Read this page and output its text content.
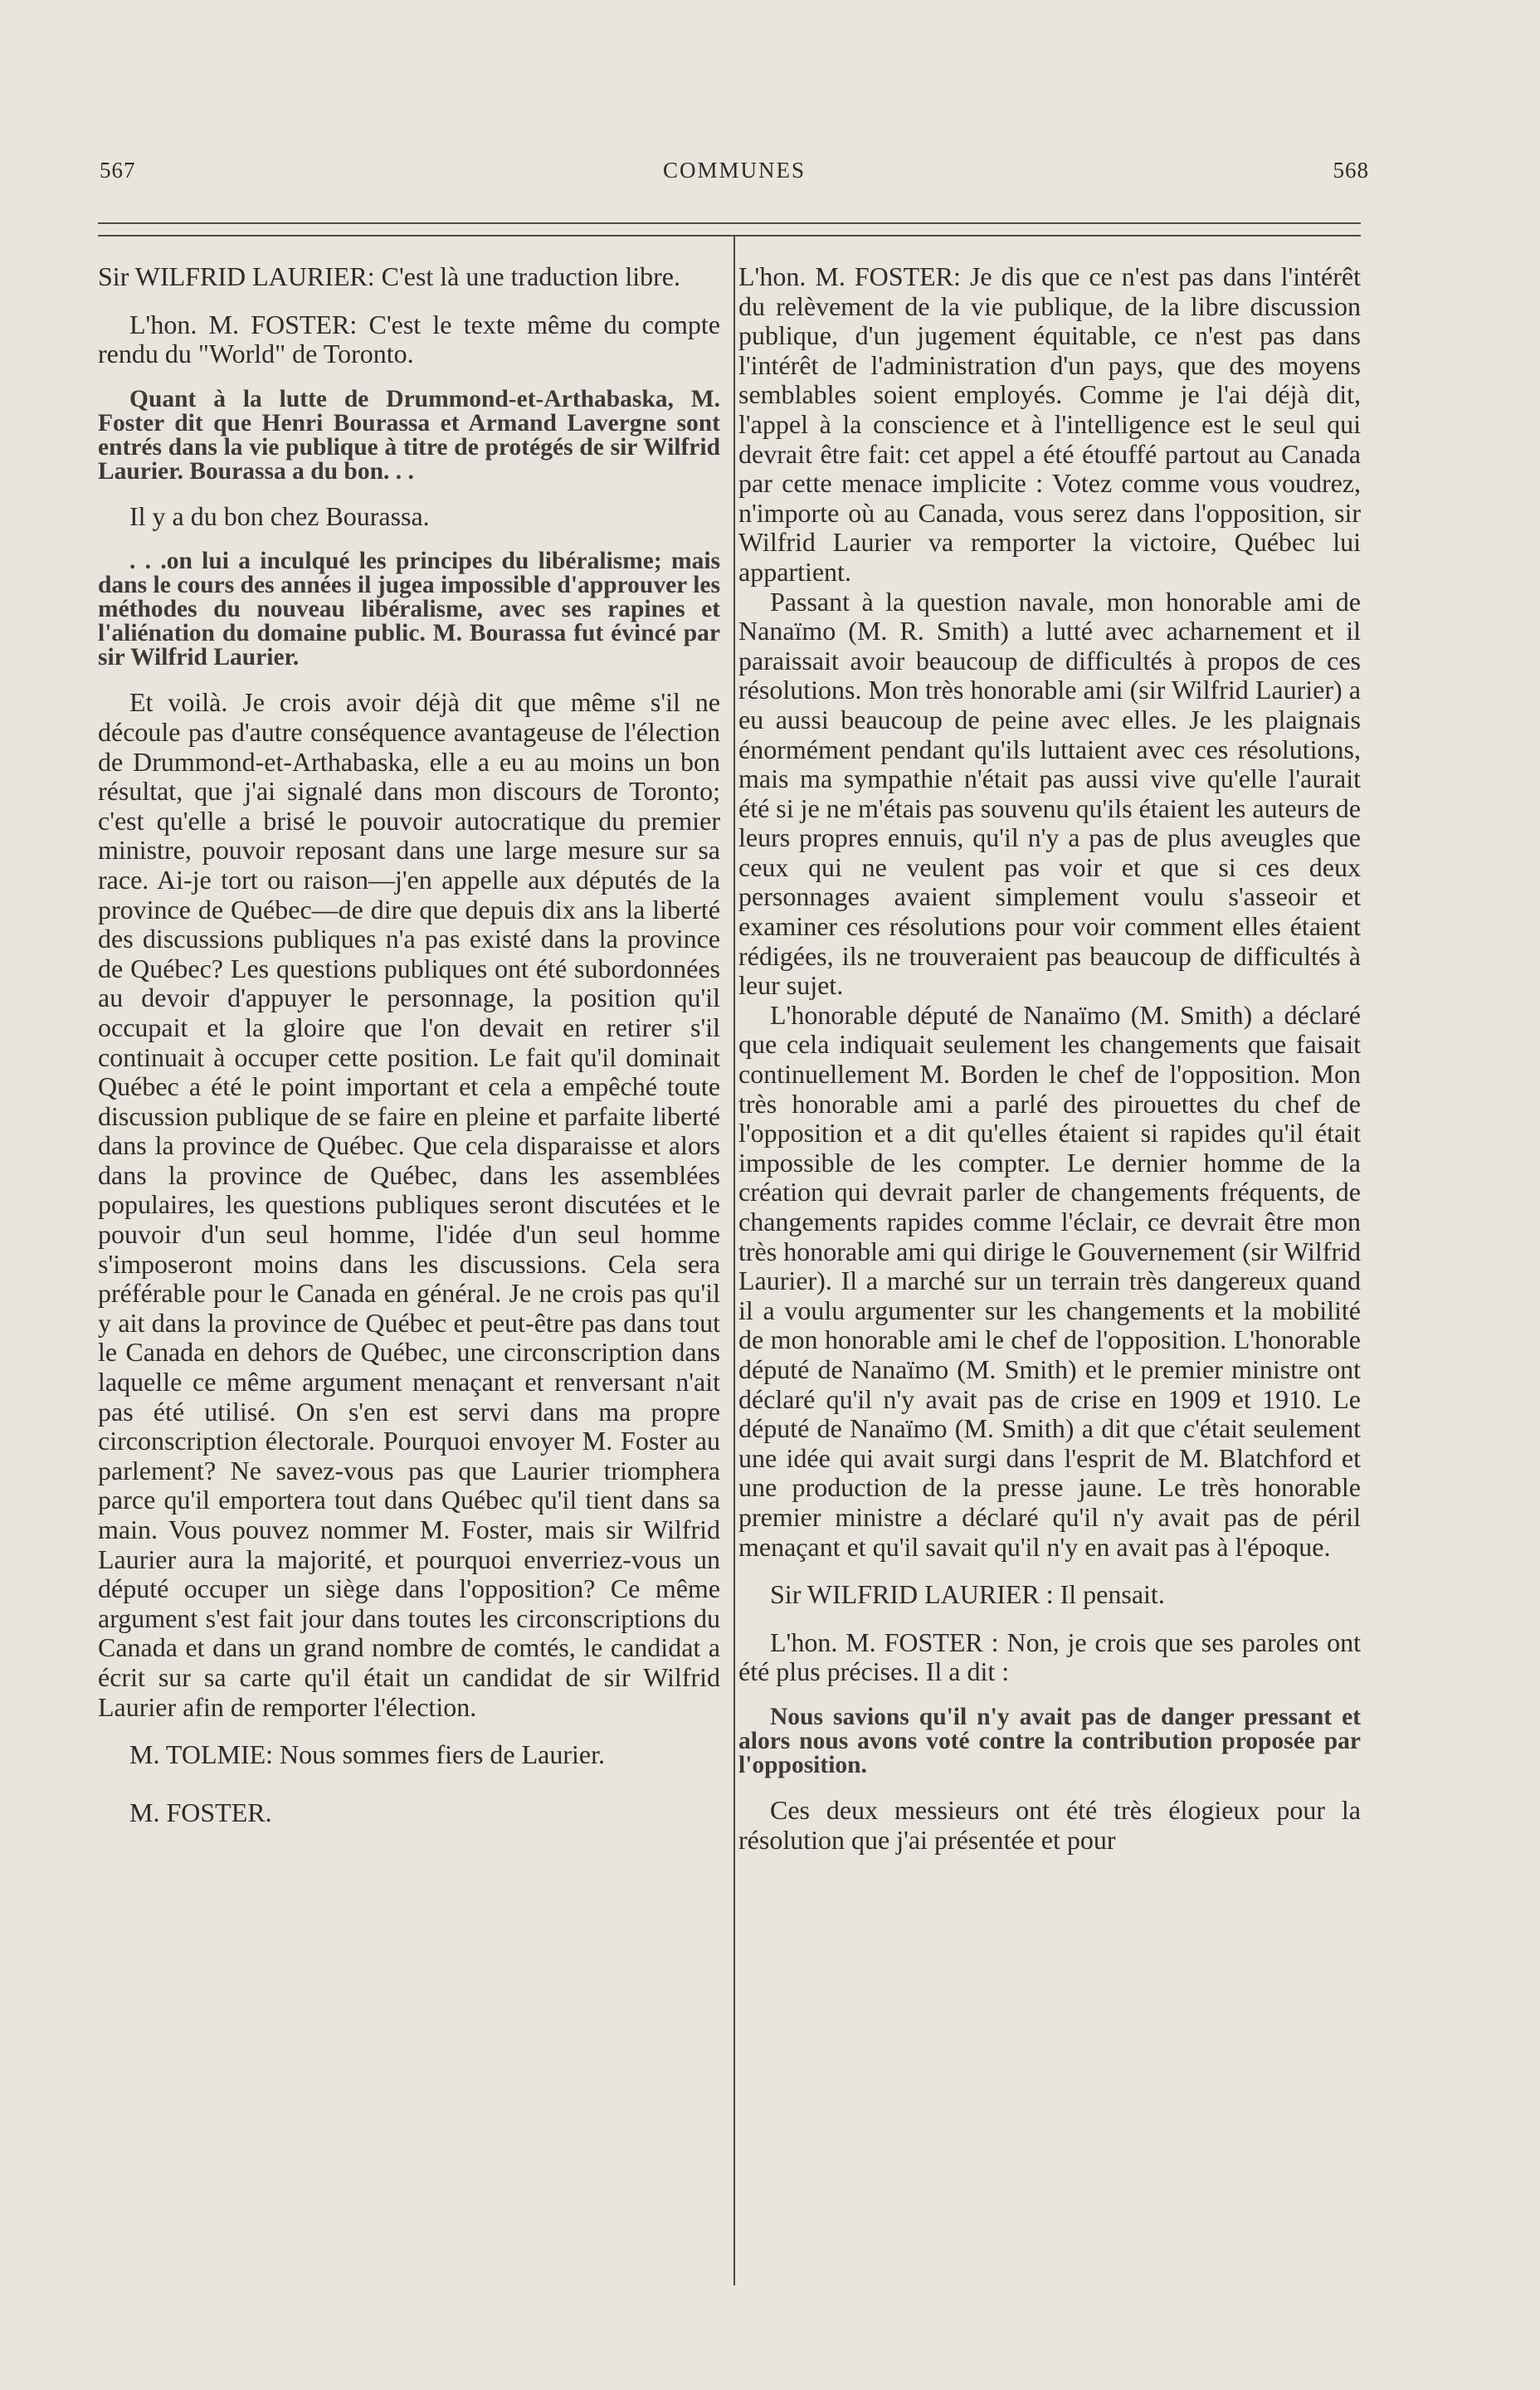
567	COMMUNES	568

Sir WILFRID LAURIER: C'est là une traduction libre.

L'hon. M. FOSTER: C'est le texte même du compte rendu du "World" de Toronto.

Quant à la lutte de Drummond-et-Arthabaska, M. Foster dit que Henri Bourassa et Armand Lavergne sont entrés dans la vie publique à titre de protégés de sir Wilfrid Laurier. Bourassa a du bon. . .

Il y a du bon chez Bourassa.

. . .on lui a inculqué les principes du libéralisme; mais dans le cours des années il jugea impossible d'approuver les méthodes du nouveau libéralisme, avec ses rapines et l'aliénation du domaine public. M. Bourassa fut évincé par sir Wilfrid Laurier.

Et voilà. Je crois avoir déjà dit que même s'il ne découle pas d'autre conséquence avantageuse de l'élection de Drummond-et-Arthabaska, elle a eu au moins un bon résultat, que j'ai signalé dans mon discours de Toronto; c'est qu'elle a brisé le pouvoir autocratique du premier ministre, pouvoir reposant dans une large mesure sur sa race. Ai-je tort ou raison—j'en appelle aux députés de la province de Québec—de dire que depuis dix ans la liberté des discussions publiques n'a pas existé dans la province de Québec? Les questions publiques ont été subordonnées au devoir d'appuyer le personnage, la position qu'il occupait et la gloire que l'on devait en retirer s'il continuait à occuper cette position. Le fait qu'il dominait Québec a été le point important et cela a empêché toute discussion publique de se faire en pleine et parfaite liberté dans la province de Québec. Que cela disparaisse et alors dans la province de Québec, dans les assemblées populaires, les questions publiques seront discutées et le pouvoir d'un seul homme, l'idée d'un seul homme s'imposeront moins dans les discussions. Cela sera préférable pour le Canada en général. Je ne crois pas qu'il y ait dans la province de Québec et peut-être pas dans tout le Canada en dehors de Québec, une circonscription dans laquelle ce même argument menaçant et renversant n'ait pas été utilisé. On s'en est servi dans ma propre circonscription électorale. Pourquoi envoyer M. Foster au parlement? Ne savez-vous pas que Laurier triomphera parce qu'il emportera tout dans Québec qu'il tient dans sa main. Vous pouvez nommer M. Foster, mais sir Wilfrid Laurier aura la majorité, et pourquoi enverriez-vous un député occuper un siège dans l'opposition? Ce même argument s'est fait jour dans toutes les circonscriptions du Canada et dans un grand nombre de comtés, le candidat a écrit sur sa carte qu'il était un candidat de sir Wilfrid Laurier afin de remporter l'élection.

M. TOLMIE: Nous sommes fiers de Laurier.

M. FOSTER.

L'hon. M. FOSTER: Je dis que ce n'est pas dans l'intérêt du relèvement de la vie publique, de la libre discussion publique, d'un jugement équitable, ce n'est pas dans l'intérêt de l'administration d'un pays, que des moyens semblables soient employés. Comme je l'ai déjà dit, l'appel à la conscience et à l'intelligence est le seul qui devrait être fait: cet appel a été étouffé partout au Canada par cette menace implicite : Votez comme vous voudrez, n'importe où au Canada, vous serez dans l'opposition, sir Wilfrid Laurier va remporter la victoire, Québec lui appartient.

Passant à la question navale, mon honorable ami de Nanaïmo (M. R. Smith) a lutté avec acharnement et il paraissait avoir beaucoup de difficultés à propos de ces résolutions. Mon très honorable ami (sir Wilfrid Laurier) a eu aussi beaucoup de peine avec elles. Je les plaignais énormément pendant qu'ils luttaient avec ces résolutions, mais ma sympathie n'était pas aussi vive qu'elle l'aurait été si je ne m'étais pas souvenu qu'ils étaient les auteurs de leurs propres ennuis, qu'il n'y a pas de plus aveugles que ceux qui ne veulent pas voir et que si ces deux personnages avaient simplement voulu s'asseoir et examiner ces résolutions pour voir comment elles étaient rédigées, ils ne trouveraient pas beaucoup de difficultés à leur sujet.

L'honorable député de Nanaïmo (M. Smith) a déclaré que cela indiquait seulement les changements que faisait continuellement M. Borden le chef de l'opposition. Mon très honorable ami a parlé des pirouettes du chef de l'opposition et a dit qu'elles étaient si rapides qu'il était impossible de les compter. Le dernier homme de la création qui devrait parler de changements fréquents, de changements rapides comme l'éclair, ce devrait être mon très honorable ami qui dirige le Gouvernement (sir Wilfrid Laurier). Il a marché sur un terrain très dangereux quand il a voulu argumenter sur les changements et la mobilité de mon honorable ami le chef de l'opposition. L'honorable député de Nanaïmo (M. Smith) et le premier ministre ont déclaré qu'il n'y avait pas de crise en 1909 et 1910. Le député de Nanaïmo (M. Smith) a dit que c'était seulement une idée qui avait surgi dans l'esprit de M. Blatchford et une production de la presse jaune. Le très honorable premier ministre a déclaré qu'il n'y avait pas de péril menaçant et qu'il savait qu'il n'y en avait pas à l'époque.

Sir WILFRID LAURIER : Il pensait.

L'hon. M. FOSTER : Non, je crois que ses paroles ont été plus précises. Il a dit :

Nous savions qu'il n'y avait pas de danger pressant et alors nous avons voté contre la contribution proposée par l'opposition.

Ces deux messieurs ont été très élogieux pour la résolution que j'ai présentée et pour
